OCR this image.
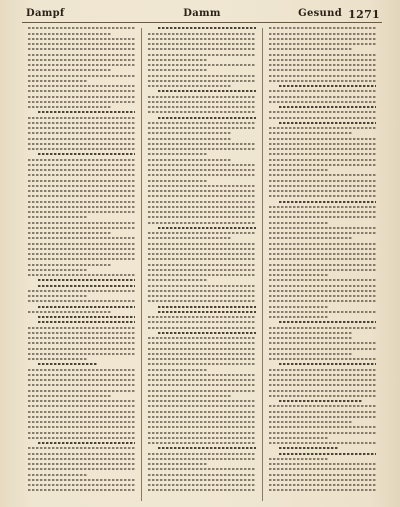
Dampf	Damm	Gesund 1271
